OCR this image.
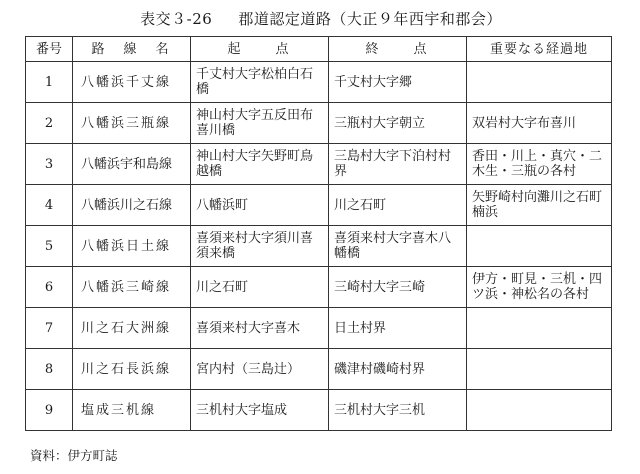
表交３-26 郡道認定道路（大正９年西宇和郡会）
番号	路　線　名	起　　点	終　　点	重要なる経過地
1	八幡浜千丈線	千丈村大字松柏白石橋	千丈村大字郷	
2	八幡浜三瓶線	神山村大字五反田布喜川橋	三瓶村大字朝立	双岩村大字布喜川
3	八幡浜宇和島線	神山村大字矢野町鳥越橋	三島村大字下泊村村界	香田・川上・真穴・二木生・三瓶の各村
4	八幡浜川之石線	八幡浜町	川之石町	矢野崎村向灘川之石町楠浜
5	八幡浜日土線	喜須来村大字須川喜須来橋	喜須来村大字喜木八幡橋	
6	八幡浜三崎線	川之石町	三崎村大字三崎	伊方・町見・三机・四ツ浜・神松名の各村
7	川之石大洲線	喜須来村大字喜木	日土村界	
8	川之石長浜線	宮内村（三島辻）	磯津村磯崎村界	
9	塩成三机線	三机村大字塩成	三机村大字三机	
資料：伊方町誌
